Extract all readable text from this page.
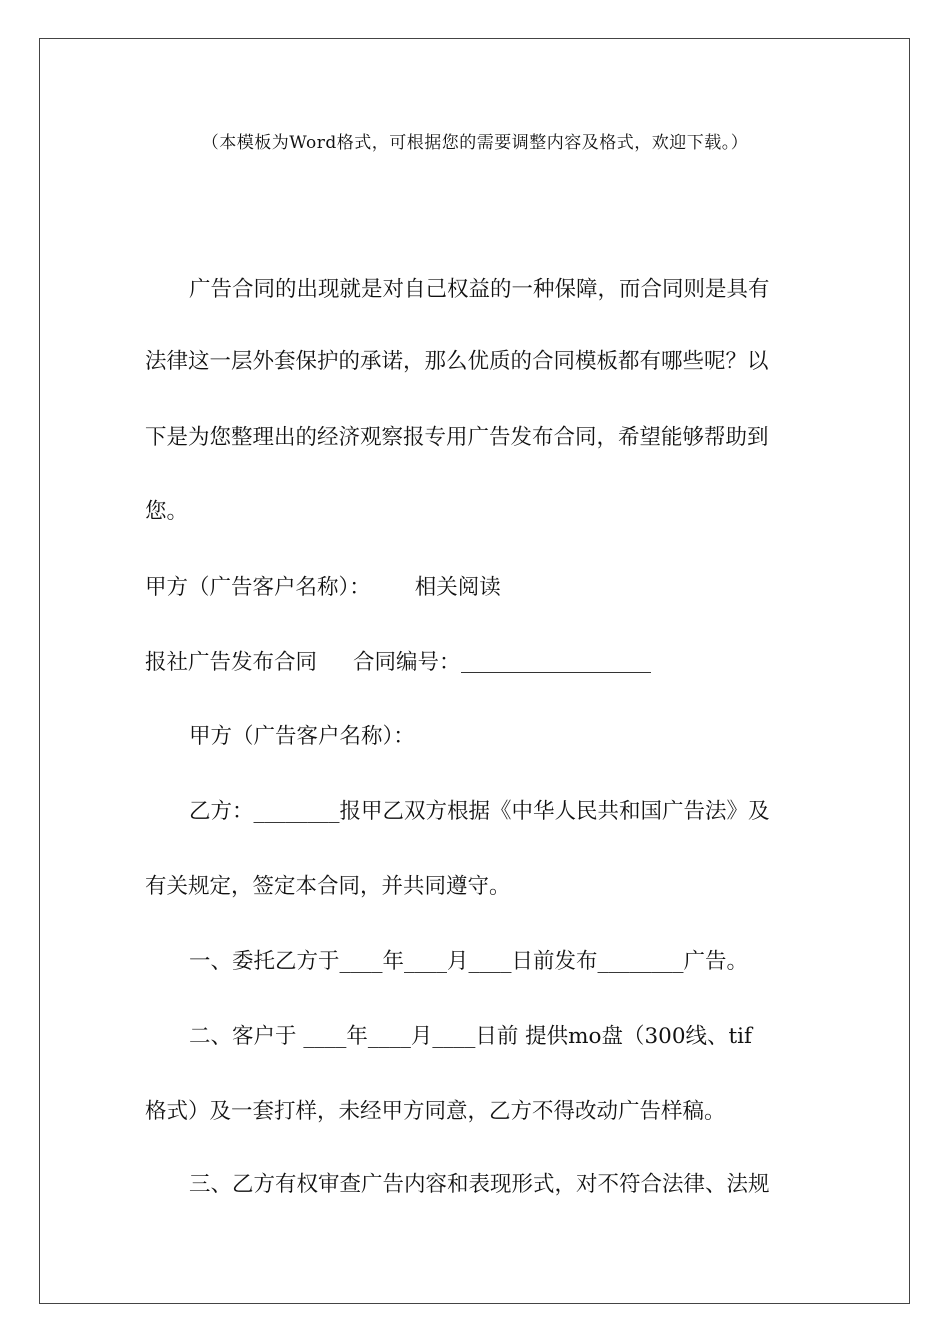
（本模板为Word格式，可根据您的需要调整内容及格式，欢迎下载。）
广告合同的出现就是对自己权益的一种保障，而合同则是具有
法律这一层外套保护的承诺，那么优质的合同模板都有哪些呢？以
下是为您整理出的经济观察报专用广告发布合同，希望能够帮助到
您。
甲方（广告客户名称）： 相关阅读
报社广告发布合同 合同编号：
甲方（广告客户名称）：
乙方：________报甲乙双方根据《中华人民共和国广告法》及
有关规定，签定本合同，并共同遵守。
一、委托乙方于____年____月____日前发布________广告。
二、客户于 ____年____月____日前 提供mo盘（300线、tif
格式）及一套打样，未经甲方同意，乙方不得改动广告样稿。
三、乙方有权审查广告内容和表现形式，对不符合法律、法规
